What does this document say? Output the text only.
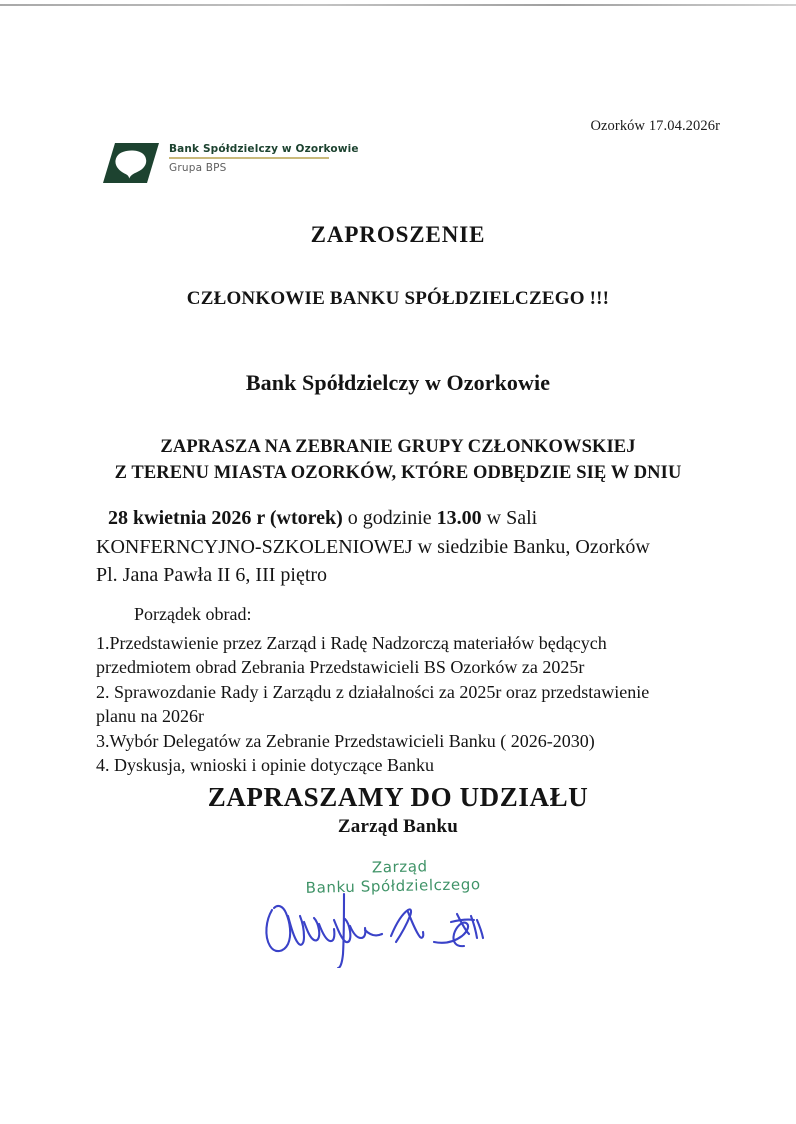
Ozorków 17.04.2026r
Bank Spółdzielczy w Ozorkowie
Grupa BPS
ZAPROSZENIE
CZŁONKOWIE BANKU SPÓŁDZIELCZEGO !!!
Bank Spółdzielczy w Ozorkowie
ZAPRASZA NA ZEBRANIE GRUPY CZŁONKOWSKIEJ
Z TERENU MIASTA OZORKÓW, KTÓRE ODBĘDZIE SIĘ W DNIU
28 kwietnia 2026 r (wtorek) o godzinie 13.00 w Sali
KONFERNCYJNO-SZKOLENIOWEJ w siedzibie Banku, Ozorków
Pl. Jana Pawła II 6, III piętro
Porządek obrad:
1.Przedstawienie przez Zarząd i Radę Nadzorczą materiałów będących
przedmiotem obrad Zebrania Przedstawicieli BS Ozorków za 2025r
2. Sprawozdanie Rady i Zarządu z działalności za 2025r oraz przedstawienie
planu na 2026r
3.Wybór Delegatów za Zebranie Przedstawicieli Banku ( 2026-2030)
4. Dyskusja, wnioski i opinie dotyczące Banku
ZAPRASZAMY DO UDZIAŁU
Zarząd Banku
Zarząd
Banku Spółdzielczego
